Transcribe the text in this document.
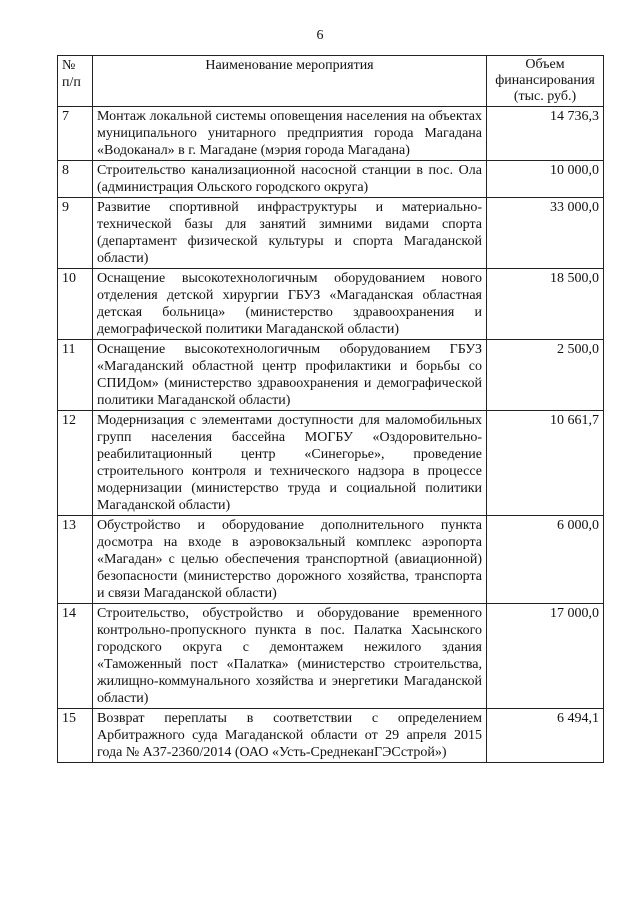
6
№ п/п	Наименование мероприятия	Объем финансирования (тыс. руб.)
7	Монтаж локальной системы оповещения населения на объектах муниципального унитарного предприятия города Магадана «Водоканал» в г. Магадане (мэрия города Магадана)	14 736,3
8	Строительство канализационной насосной станции в пос. Ола (администрация Ольского городского округа)	10 000,0
9	Развитие спортивной инфраструктуры и материально-технической базы для занятий зимними видами спорта (департамент физической культуры и спорта Магаданской области)	33 000,0
10	Оснащение высокотехнологичным оборудованием нового отделения детской хирургии ГБУЗ «Магаданская областная детская больница» (министерство здравоохранения и демографической политики Магаданской области)	18 500,0
11	Оснащение высокотехнологичным оборудованием ГБУЗ «Магаданский областной центр профилактики и борьбы со СПИДом» (министерство здравоохранения и демографической политики Магаданской области)	2 500,0
12	Модернизация с элементами доступности для маломобильных групп населения бассейна МОГБУ «Оздоровительно-реабилитационный центр «Синегорье», проведение строительного контроля и технического надзора в процессе модернизации (министерство труда и социальной политики Магаданской области)	10 661,7
13	Обустройство и оборудование дополнительного пункта досмотра на входе в аэровокзальный комплекс аэропорта «Магадан» с целью обеспечения транспортной (авиационной) безопасности (министерство дорожного хозяйства, транспорта и связи Магаданской области)	6 000,0
14	Строительство, обустройство и оборудование временного контрольно-пропускного пункта в пос. Палатка Хасынского городского округа с демонтажем нежилого здания «Таможенный пост «Палатка» (министерство строительства, жилищно-коммунального хозяйства и энергетики Магаданской области)	17 000,0
15	Возврат переплаты в соответствии с определением Арбитражного суда Магаданской области от 29 апреля 2015 года № А37-2360/2014 (ОАО «Усть-СреднеканГЭСстрой»)	6 494,1
